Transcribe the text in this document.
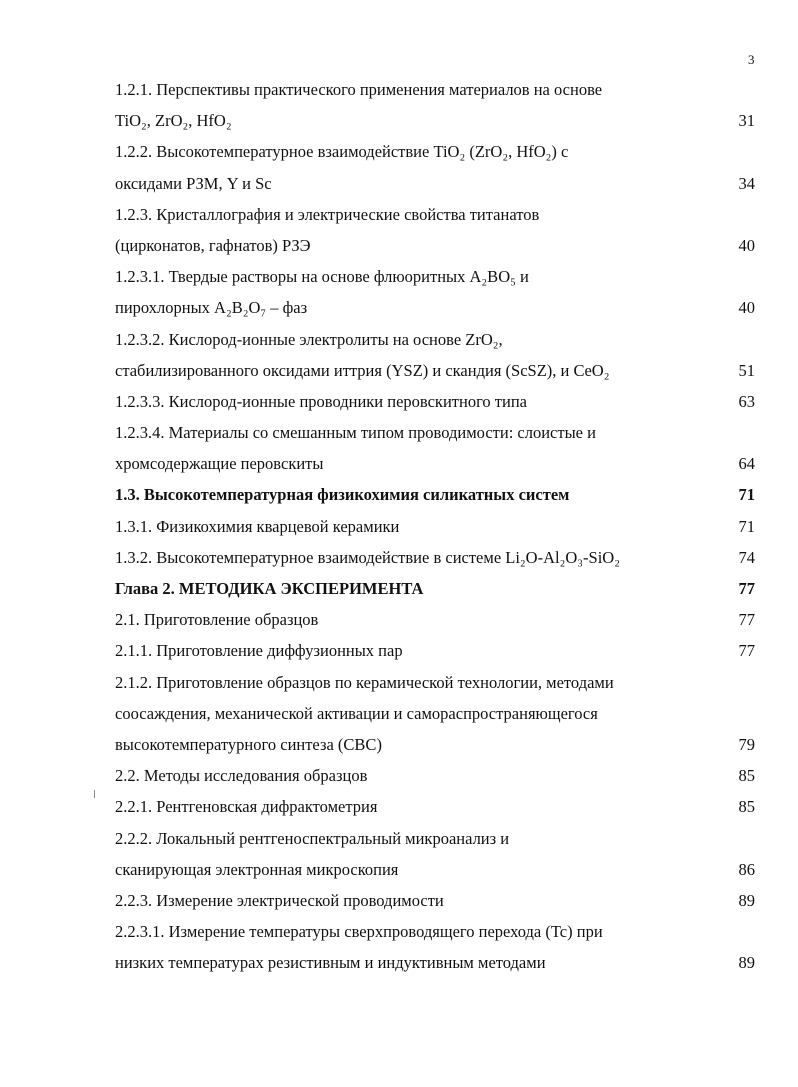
3
1.2.1. Перспективы практического применения материалов на основе
TiO₂, ZrO₂, HfO₂	31
1.2.2. Высокотемпературное взаимодействие TiO₂ (ZrO₂, HfO₂) с
оксидами РЗМ, Y и Sc	34
1.2.3. Кристаллография и электрические свойства титанатов
(цирконатов, гафнатов) РЗЭ	40
1.2.3.1. Твердые растворы на основе флюоритных A₂BO₅ и
пирохлорных A₂B₂O₇ – фаз	40
1.2.3.2. Кислород-ионные электролиты на основе ZrO₂,
стабилизированного оксидами иттрия (YSZ) и скандия (ScSZ), и CeO₂	51
1.2.3.3. Кислород-ионные проводники перовскитного типа	63
1.2.3.4. Материалы со смешанным типом проводимости: слоистые и
хромсодержащие перовскиты	64
1.3. Высокотемпературная физикохимия силикатных систем	71
1.3.1. Физикохимия кварцевой керамики	71
1.3.2. Высокотемпературное взаимодействие в системе Li₂O-Al₂O₃-SiO₂	74
Глава 2. МЕТОДИКА ЭКСПЕРИМЕНТА	77
2.1. Приготовление образцов	77
2.1.1. Приготовление диффузионных пар	77
2.1.2. Приготовление образцов по керамической технологии, методами
соосаждения, механической активации и самораспространяющегося
высокотемпературного синтеза (СВС)	79
2.2. Методы исследования образцов	85
2.2.1. Рентгеновская дифрактометрия	85
2.2.2. Локальный рентгеноспектральный микроанализ и
сканирующая электронная микроскопия	86
2.2.3. Измерение электрической проводимости	89
2.2.3.1. Измерение температуры сверхпроводящего перехода (Tc) при
низких температурах резистивным и индуктивным методами	89
